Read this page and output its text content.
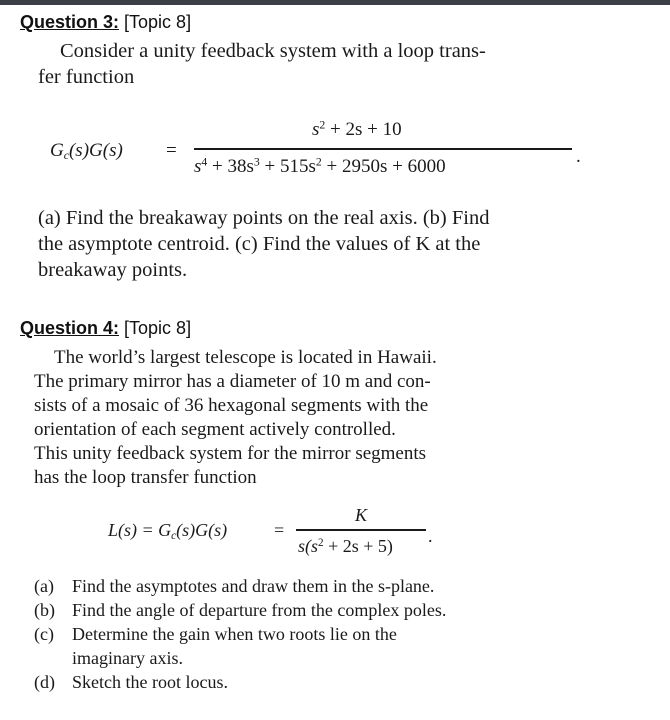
Question 3: [Topic 8]
Consider a unity feedback system with a loop trans-
fer function
$G_c(s)G(s)$ =
$s^2 + 2s + 10$
$s^4 + 38s^3 + 515s^2 + 2950s + 6000$	.
(a) Find the breakaway points on the real axis. (b) Find
the asymptote centroid. (c) Find the values of K at the
breakaway points.
Question 4: [Topic 8]
The world’s largest telescope is located in Hawaii.
The primary mirror has a diameter of 10 m and con-
sists of a mosaic of 36 hexagonal segments with the
orientation of each segment actively controlled.
This unity feedback system for the mirror segments
has the loop transfer function
$L(s) = G_c(s)G(s)$	=
K
$s(s^2 + 2s + 5)$ .
(a)	Find the asymptotes and draw them in the s-plane.
(b) Find the angle of departure from the complex poles.
(c)	Determine the gain when two roots lie on the
imaginary axis.
(d) Sketch the root locus.
